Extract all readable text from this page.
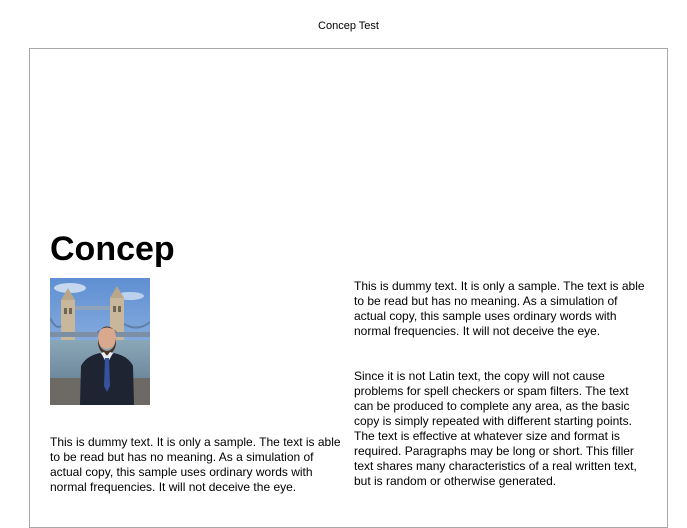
Concep Test
Concep

This is dummy text. It is only a sample. The text is able to be read but has no meaning. As a simulation of actual copy, this sample uses ordinary words with normal frequencies. It will not deceive the eye.

This is dummy text. It is only a sample. The text is able to be read but has no meaning. As a simulation of actual copy, this sample uses ordinary words with normal frequencies. It will not deceive the eye.

Since it is not Latin text, the copy will not cause problems for spell checkers or spam filters. The text can be produced to complete any area, as the basic copy is simply repeated with different starting points. The text is effective at whatever size and format is required. Paragraphs may be long or short. This filler text shares many characteristics of a real written text, but is random or otherwise generated.
